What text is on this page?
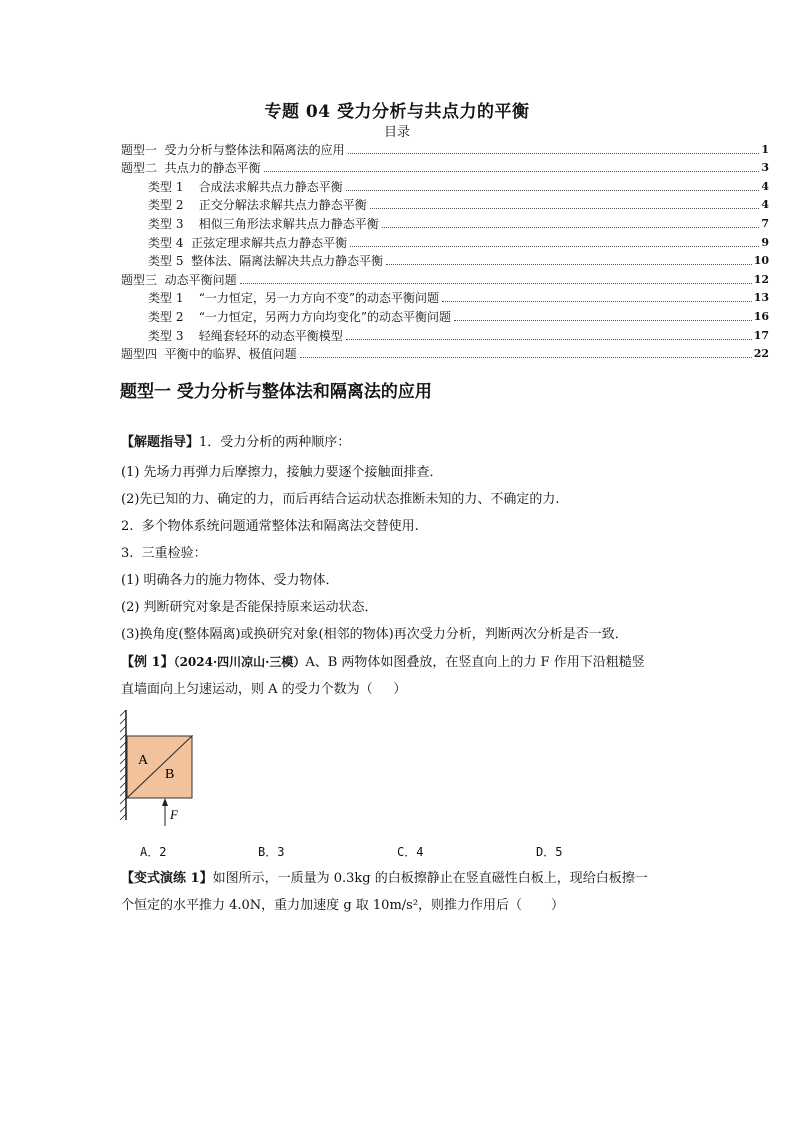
专题 04 受力分析与共点力的平衡
目录
题型一  受力分析与整体法和隔离法的应用	1
题型二  共点力的静态平衡	3
类型 1    合成法求解共点力静态平衡	4
类型 2    正交分解法求解共点力静态平衡	4
类型 3    相似三角形法求解共点力静态平衡	7
类型 4  正弦定理求解共点力静态平衡	9
类型 5  整体法、隔离法解决共点力静态平衡	10
题型三  动态平衡问题	12
类型 1    “一力恒定，另一力方向不变”的动态平衡问题	13
类型 2    “一力恒定，另两力方向均变化”的动态平衡问题	16
类型 3    轻绳套轻环的动态平衡模型	17
题型四  平衡中的临界、极值问题	22
题型一 受力分析与整体法和隔离法的应用
【解题指导】1．受力分析的两种顺序：
(1) 先场力再弹力后摩擦力，接触力要逐个接触面排查．
(2)先已知的力、确定的力，而后再结合运动状态推断未知的力、不确定的力.
2.  多个物体系统问题通常整体法和隔离法交替使用.
3.  三重检验：
(1) 明确各力的施力物体、受力物体．
(2) 判断研究对象是否能保持原来运动状态．
(3)换角度(整体隔离)或换研究对象(相邻的物体)再次受力分析，判断两次分析是否一致．
【例 1】（2024·四川凉山·三模）A、B 两物体如图叠放，在竖直向上的力 F 作用下沿粗糙竖
直墙面向上匀速运动，则 A 的受力个数为（     ）
A
B
F
A．2	B．3	C．4	D．5
【变式演练 1】如图所示，一质量为 0.3kg 的白板擦静止在竖直磁性白板上，现给白板擦一
个恒定的水平推力 4.0N，重力加速度 g 取 10m/s²，则推力作用后（       ）
